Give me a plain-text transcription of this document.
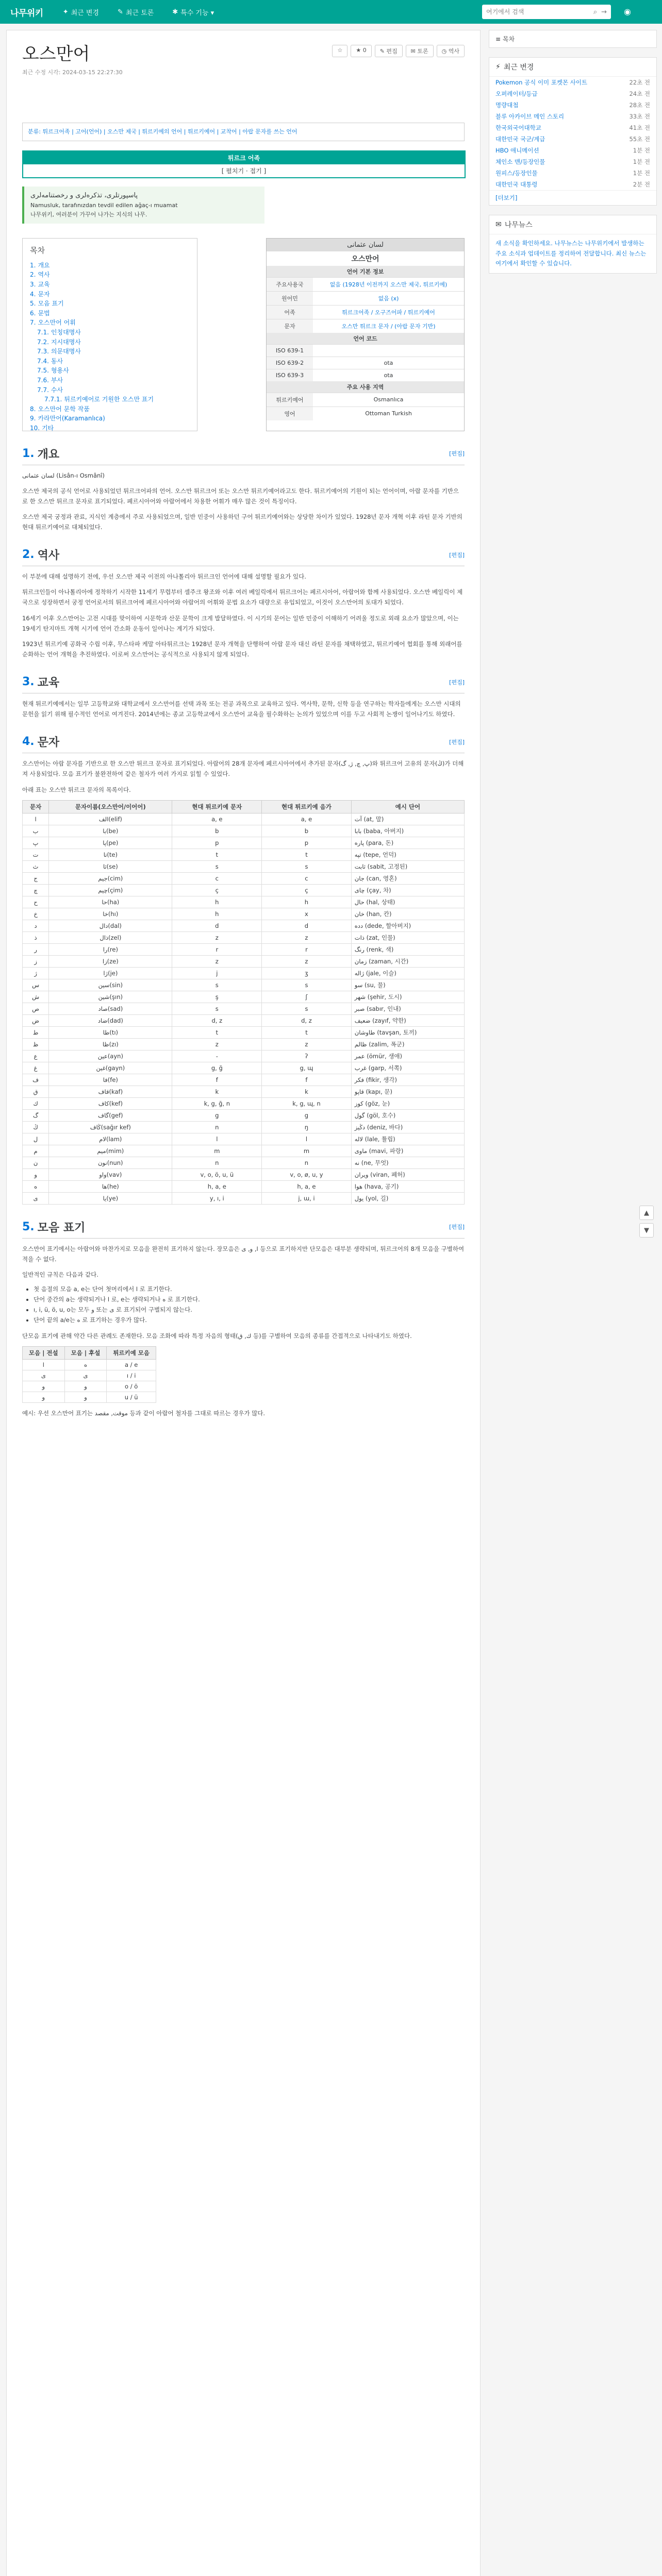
나무위키	✦ 최근 변경	✎ 최근 토론	✱ 특수 기능 ▾
여기에서 검색	⌕ → ◉
오스만어
최근 수정 시각: 2024-03-15 22:27:30
☆	★ 0	✎ 편집	✉ 토론	◷ 역사
분류: 튀르크어족 | 고어(언어) | 오스만 제국 | 튀르키예의 언어 | 튀르키예어 | 교착어 | 아랍 문자를 쓰는 언어
튀르크 어족
[ 펼치기 · 접기 ]
پاسپورتلرى، تذكره‌لرى و رخصتنامه‌لرى
Namusluk, tarafınızdan tevdil edilen ağaç-ı muamat
나무위키, 여러분이 가꾸어 나가는 지식의 나무.
목차
1. 개요
2. 역사
3. 교육
4. 문자
5. 모음 표기
6. 문법
7. 오스만어 어휘
7.1. 인칭대명사
7.2. 지시대명사
7.3. 의문대명사
7.4. 동사
7.5. 형용사
7.6. 부사
7.7. 수사
7.7.1. 튀르키예어로 기원한 오스만 표기
8. 오스만어 문학 작품
9. 카라만어(Karamanlıca)
10. 기타
لسان عثمانی
오스만어
언어 기본 정보
주요사용국	없음 (1928년 이전까지 오스만 제국, 튀르키예)
원어민	없음 (ⅹ)
어족	튀르크어족 / 오구즈어파 / 튀르키예어
문자	오스만 튀르크 문자 / (아랍 문자 기반)
언어 코드
ISO 639-1	
ISO 639-2	ota
ISO 639-3	ota
주요 사용 지역
튀르키예어	Osmanlıca
영어	Ottoman Turkish
1. 개요	[편집]

لسان عثمانی (Lisân-ı Osmânî)

오스만 제국의 공식 언어로 사용되었던 튀르크어파의 언어. 오스만 튀르크어 또는 오스만 튀르키예어라고도 한다. 튀르키예어의 기원이 되는 언어이며, 아랍 문자를 기반으로 한 오스만 튀르크 문자로 표기되었다. 페르시아어와 아랍어에서 차용한 어휘가 매우 많은 것이 특징이다.

오스만 제국 궁정과 관료, 지식인 계층에서 주로 사용되었으며, 일반 민중이 사용하던 구어 튀르키예어와는 상당한 차이가 있었다. 1928년 문자 개혁 이후 라틴 문자 기반의 현대 튀르키예어로 대체되었다.

2. 역사	[편집]

이 부분에 대해 설명하기 전에, 우선 오스만 제국 이전의 아나톨리아 튀르크인 언어에 대해 설명할 필요가 있다.

튀르크인들이 아나톨리아에 정착하기 시작한 11세기 무렵부터 셀주크 왕조와 이후 여러 베일릭에서 튀르크어는 페르시아어, 아랍어와 함께 사용되었다. 오스만 베일릭이 제국으로 성장하면서 궁정 언어로서의 튀르크어에 페르시아어와 아랍어의 어휘와 문법 요소가 대량으로 유입되었고, 이것이 오스만어의 토대가 되었다.

16세기 이후 오스만어는 고전 시대를 맞이하여 시문학과 산문 문학이 크게 발달하였다. 이 시기의 문어는 일반 민중이 이해하기 어려울 정도로 외래 요소가 많았으며, 이는 19세기 탄지마트 개혁 시기에 언어 간소화 운동이 일어나는 계기가 되었다.

1923년 튀르키예 공화국 수립 이후, 무스타파 케말 아타튀르크는 1928년 문자 개혁을 단행하여 아랍 문자 대신 라틴 문자를 채택하였고, 튀르키예어 협회를 통해 외래어를 순화하는 언어 개혁을 추진하였다. 이로써 오스만어는 공식적으로 사용되지 않게 되었다.

3. 교육	[편집]

현재 튀르키예에서는 일부 고등학교와 대학교에서 오스만어를 선택 과목 또는 전공 과목으로 교육하고 있다. 역사학, 문학, 신학 등을 연구하는 학자들에게는 오스만 시대의 문헌을 읽기 위해 필수적인 언어로 여겨진다. 2014년에는 종교 고등학교에서 오스만어 교육을 필수화하는 논의가 있었으며 이를 두고 사회적 논쟁이 일어나기도 하였다.

4. 문자	[편집]

오스만어는 아랍 문자를 기반으로 한 오스만 튀르크 문자로 표기되었다. 아랍어의 28개 문자에 페르시아어에서 추가된 문자(پ, چ, ژ, گ)와 튀르크어 고유의 문자(ڭ)가 더해져 사용되었다. 모음 표기가 불완전하여 같은 철자가 여러 가지로 읽힐 수 있었다.

아래 표는 오스만 튀르크 문자의 목록이다.

문자	문자이름(오스만어/이어어)	현대 튀르키예 문자	현대 튀르키예 음가	예시 단어
ا	الف(elif)	a, e	a, e	آت (at, 말)
ب	با(be)	b	b	بابا (baba, 아버지)
پ	پا(pe)	p	p	پاره (para, 돈)
ت	تا(te)	t	t	تپه (tepe, 언덕)
ث	ثا(se)	s	s	ثابت (sabit, 고정된)
ج	جیم(cim)	c	c	جان (can, 영혼)
چ	چیم(çim)	ç	ç	چای (çay, 차)
ح	حا(ha)	h	h	حال (hal, 상태)
خ	خا(hı)	h	x	خان (han, 칸)
د	دال(dal)	d	d	دده (dede, 할아버지)
ذ	ذال(zel)	z	z	ذات (zat, 인물)
ر	را(re)	r	r	رنگ (renk, 색)
ز	زا(ze)	z	z	زمان (zaman, 시간)
ژ	ژا(je)	j	ʒ	ژاله (jale, 이슬)
س	سین(sin)	s	s	سو (su, 물)
ش	شین(şın)	ş	ʃ	شهر (şehir, 도시)
ص	صاد(sad)	s	s	صبر (sabır, 인내)
ض	ضاد(dad)	d, z	d, z	ضعیف (zayıf, 약한)
ط	طا(tı)	t	t	طاوشان (tavşan, 토끼)
ظ	ظا(zı)	z	z	ظالم (zalim, 폭군)
ع	عین(ayn)	-	ʔ	عمر (ömür, 생애)
غ	غین(gayn)	g, ğ	g, ɰ	غرب (garp, 서쪽)
ف	فا(fe)	f	f	فكر (fikir, 생각)
ق	قاف(kaf)	k	k	قاپو (kapı, 문)
ك	كاف(kef)	k, g, ğ, n	k, g, ɰ, n	كوز (göz, 눈)
گ	گاف(gef)	g	g	گول (göl, 호수)
ڭ	ڭاف(sağır kef)	n	ŋ	دڭیز (deniz, 바다)
ل	لام(lam)	l	l	لاله (lale, 튤립)
م	میم(mim)	m	m	ماوی (mavi, 파랑)
ن	نون(nun)	n	n	نه (ne, 무엇)
و	واو(vav)	v, o, ö, u, ü	v, o, ø, u, y	ویران (viran, 폐허)
ه	ها(he)	h, a, e	h, a, e	هوا (hava, 공기)
ی	یا(ye)	y, ı, i	j, ɯ, i	یول (yol, 길)
5. 모음 표기	[편집]

오스만어 표기에서는 아랍어와 마찬가지로 모음을 완전히 표기하지 않는다. 장모음은 ا, و, ی 등으로 표기하지만 단모음은 대부분 생략되며, 튀르크어의 8개 모음을 구별하여 적을 수 없다.

일반적인 규칙은 다음과 같다.

• 첫 음절의 모음 a, e는 단어 첫머리에서 ا 로 표기한다.
• 단어 중간의 a는 생략되거나 ا 로, e는 생략되거나 ه 로 표기한다.
• ı, i, ü, ö, u, o는 모두 و 또는 ی 로 표기되어 구별되지 않는다.
• 단어 끝의 a/e는 ه 로 표기하는 경우가 많다.

단모음 표기에 관해 약간 다른 관례도 존재한다. 모음 조화에 따라 특정 자음의 형태(ك, ق 등)를 구별하여 모음의 종류를 간접적으로 나타내기도 하였다.

모음 | 전설	모음 | 후설	튀르키예 모음
ا	ه	a / e
ی	ی	ı / i
و	و	o / ö
و	و	u / ü

예시: 우선 오스만어 표기는 موقت, مقصد 등과 같이 아랍어 철자를 그대로 따르는 경우가 많다.

≡ 목차
⚡ 최근 변경
Pokemon 공식 이미 포켓몬 사이트	22초 전
오퍼레이터/등급	24초 전
명량대첩	28초 전
블루 아카이브 메인 스토리	33초 전
한국외국어대학교	41초 전
대한민국 국군/계급	55초 전
HBO 애니메이션	1분 전
체인소 맨/등장인물	1분 전
원피스/등장인물	1분 전
대한민국 대통령	2분 전
[더보기]
✉ 나무뉴스

새 소식을 확인하세요. 나무뉴스는 나무위키에서 발생하는 주요 소식과 업데이트를 정리하여 전달합니다. 최신 뉴스는 여기에서 확인할 수 있습니다.

▲
▼
